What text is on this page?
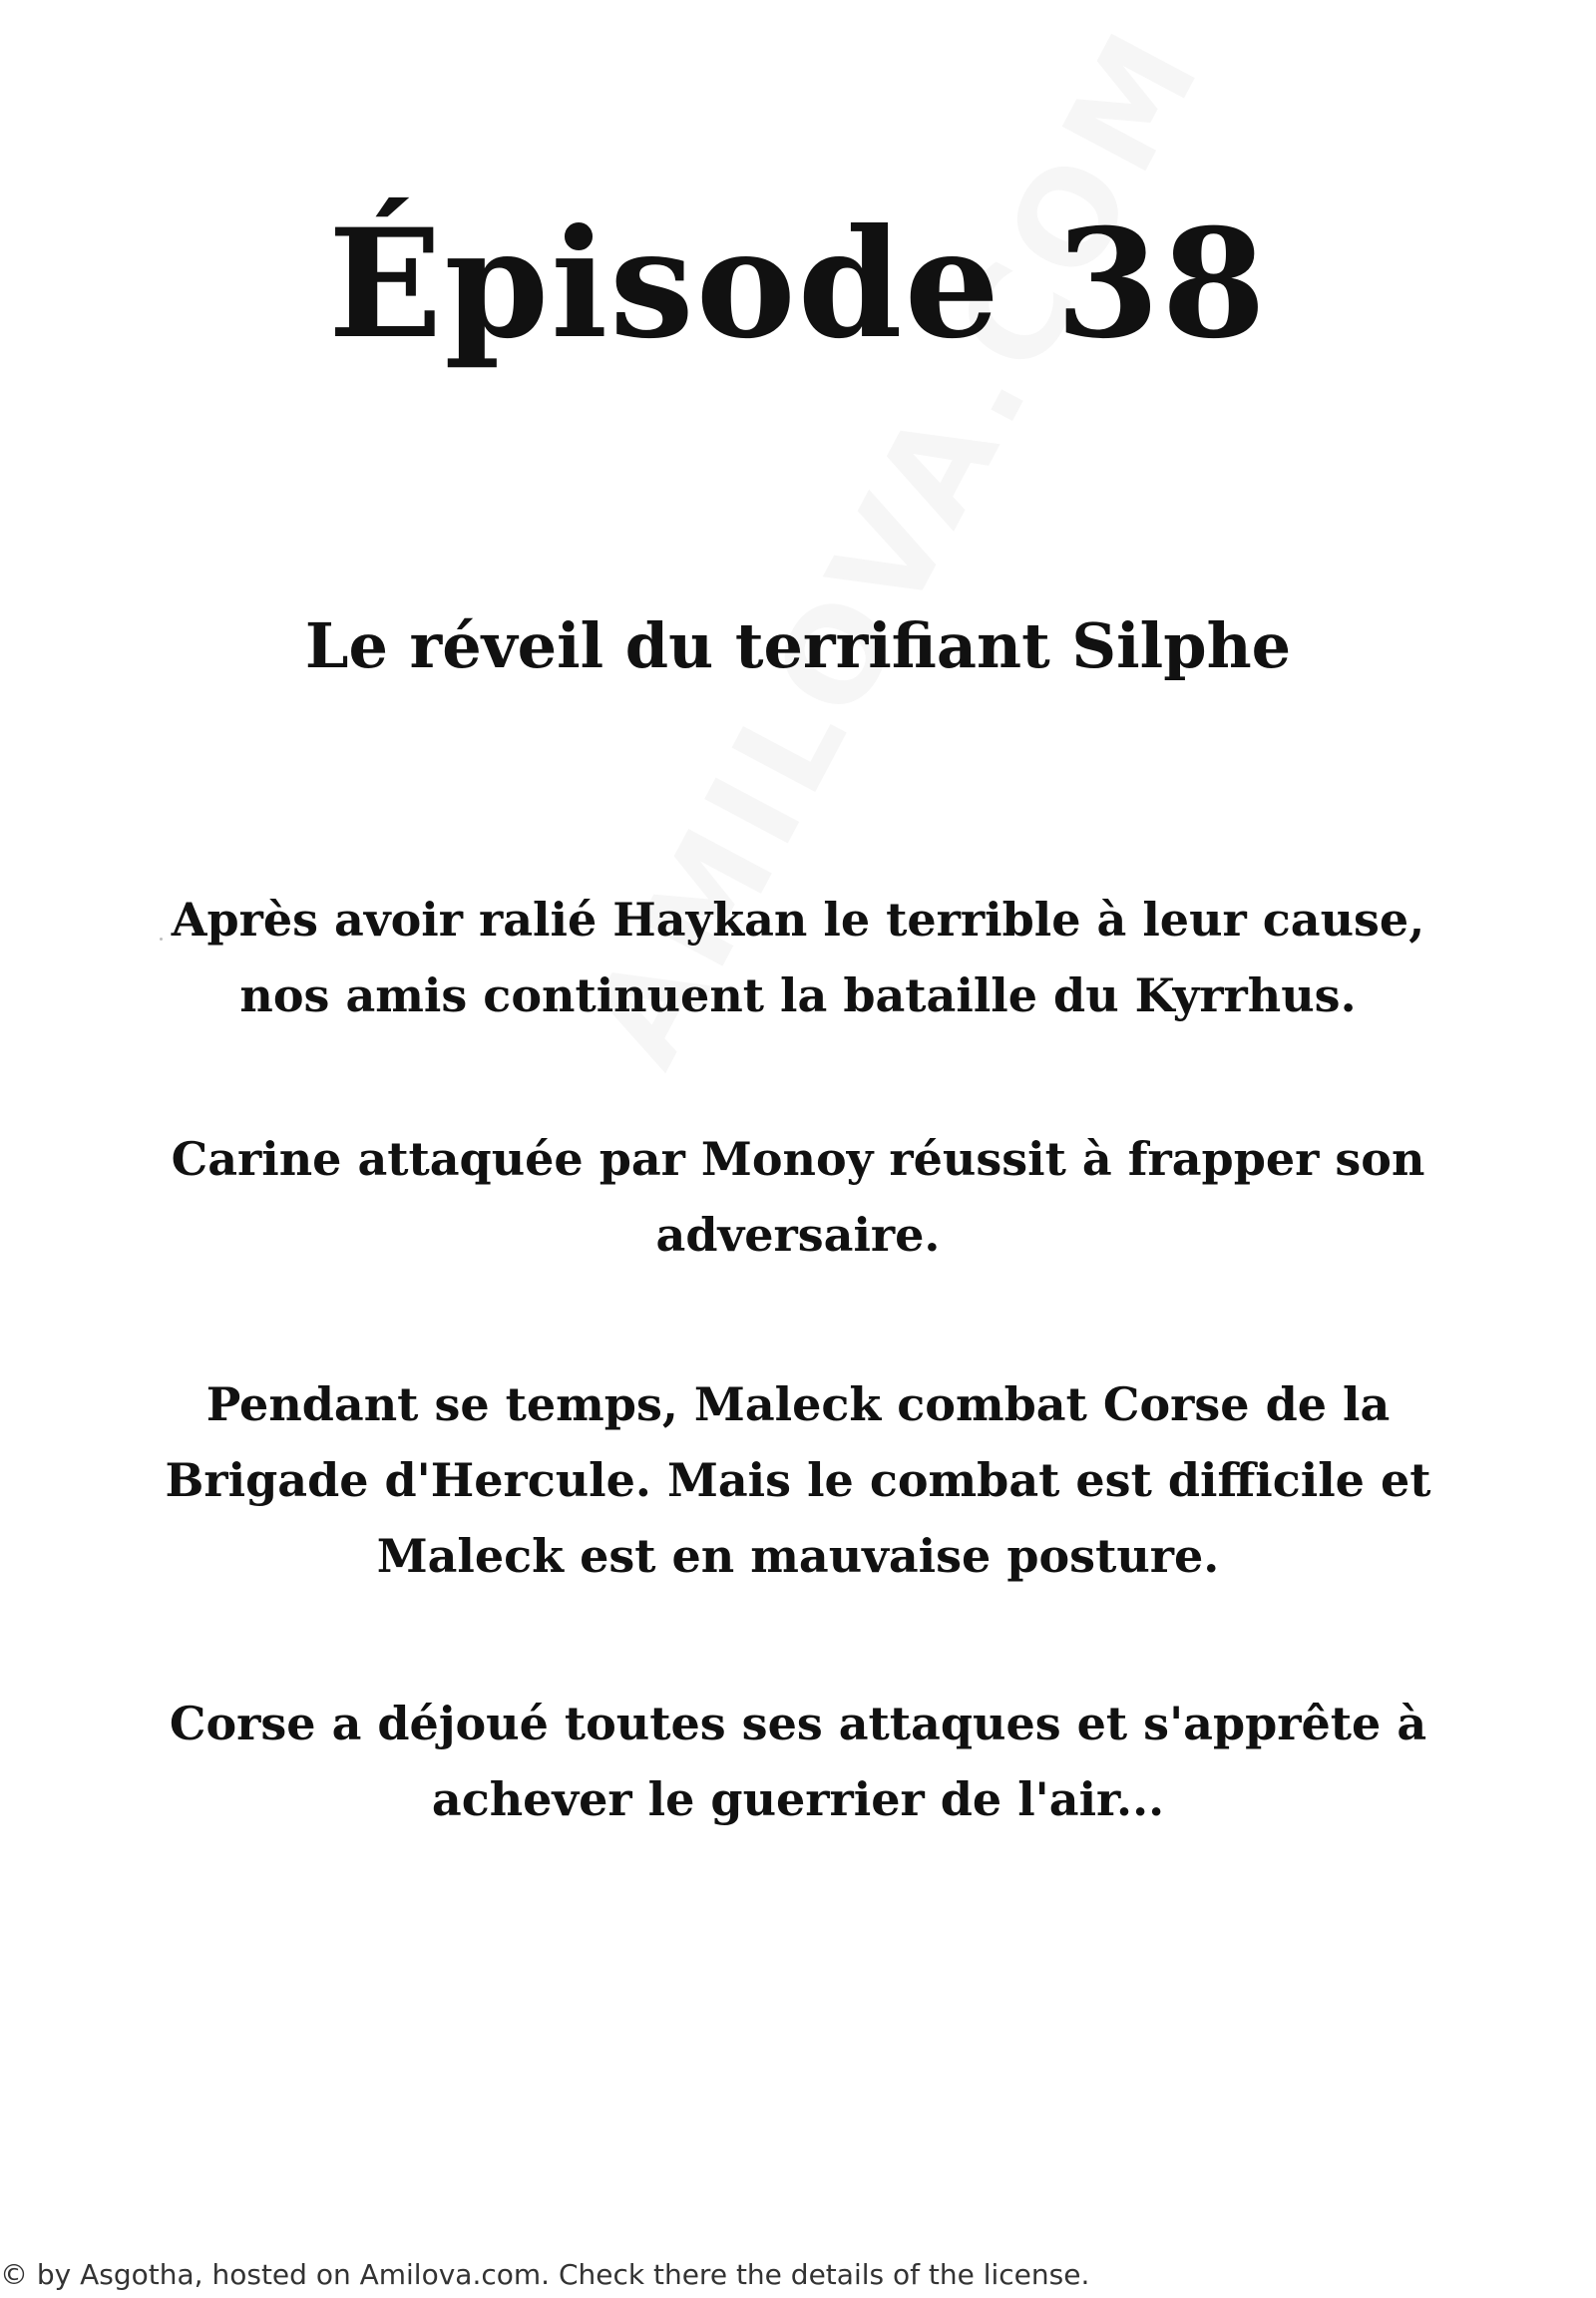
Épisode 38
Le réveil du terrifiant Silphe

Après avoir ralié Haykan le terrible à leur cause,

nos amis continuent la bataille du Kyrrhus.

Carine attaquée par Monoy réussit à frapper son

adversaire.

Pendant se temps, Maleck combat Corse de la

Brigade d'Hercule. Mais le combat est difficile et

Maleck est en mauvaise posture.

Corse a déjoué toutes ses attaques et s'apprête à

achever le guerrier de l'air...

© by Asgotha, hosted on Amilova.com. Check there the details of the license.
